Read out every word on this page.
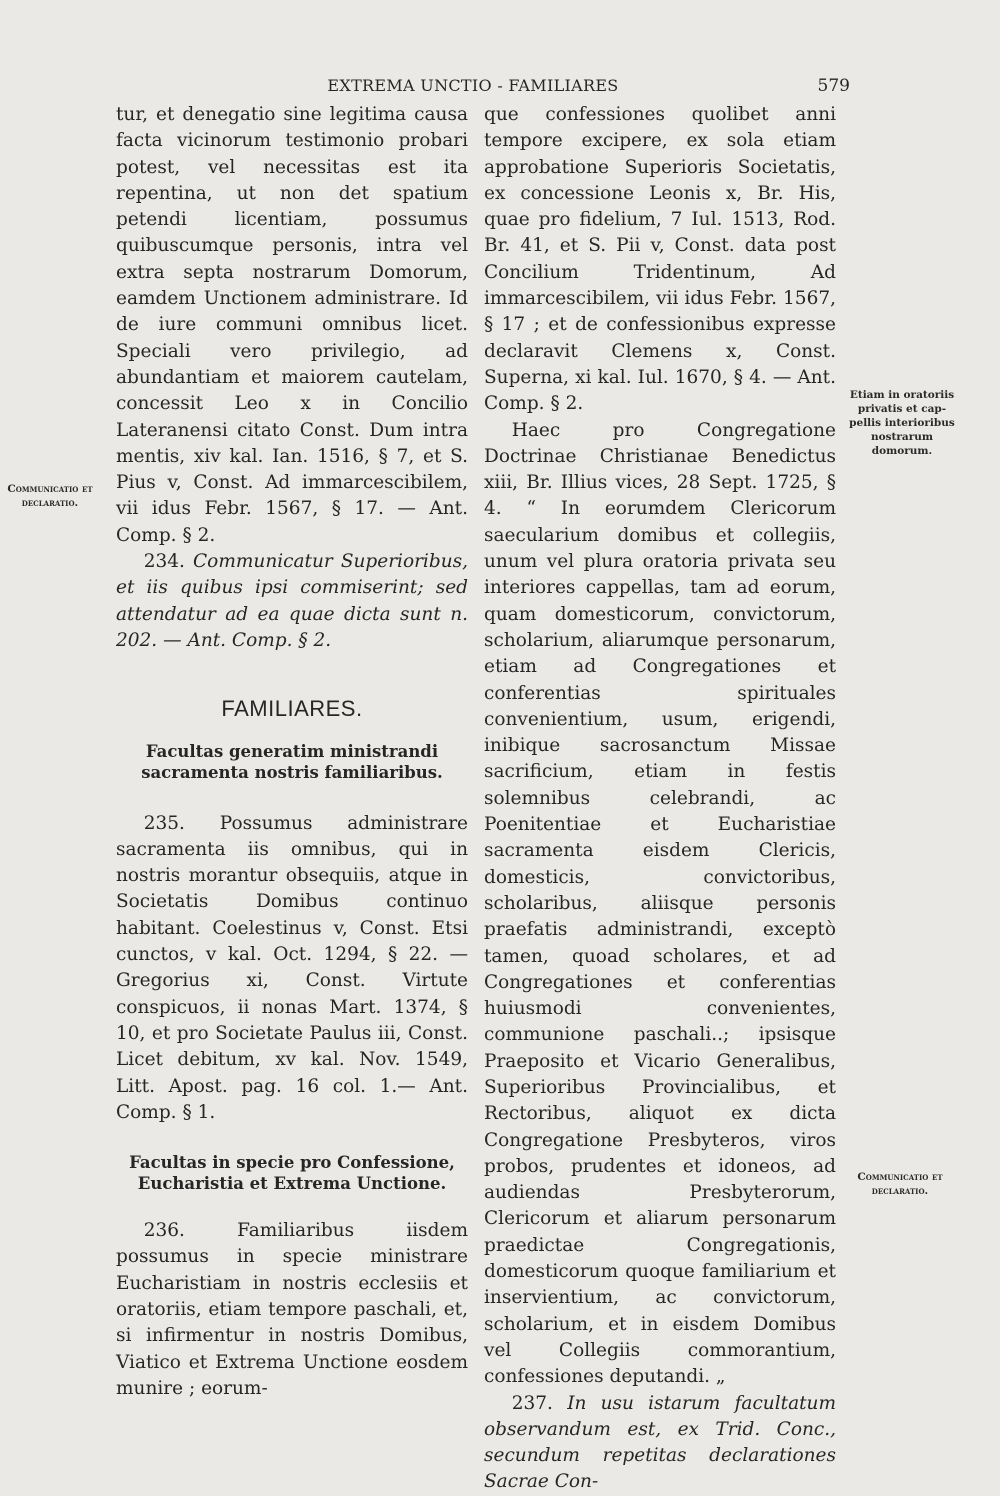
EXTREMA UNCTIO - FAMILIARES	579
Communicatio et declaratio.
Etiam in oratoriis privatis et cap-pellis interioribus nostrarum domorum.
Communicatio et declaratio.

tur, et denegatio sine legitima causa facta vicinorum testimonio probari potest, vel necessitas est ita repentina, ut non det spatium petendi licentiam, possumus quibuscumque personis, intra vel extra septa nostrarum Domorum, eamdem Unctionem administrare. Id de iure communi omnibus licet. Speciali vero privilegio, ad abundantiam et maiorem cautelam, concessit Leo x in Concilio Lateranensi citato Const. Dum intra mentis, xiv kal. Ian. 1516, § 7, et S. Pius v, Const. Ad immarcescibilem, vii idus Febr. 1567, § 17. — Ant. Comp. § 2.

234. Communicatur Superioribus, et iis quibus ipsi commiserint; sed attendatur ad ea quae dicta sunt n. 202. — Ant. Comp. § 2.

FAMILIARES.
Facultas generatim ministrandi sacramenta nostris familiaribus.

235. Possumus administrare sacramenta iis omnibus, qui in nostris morantur obsequiis, atque in Societatis Domibus continuo habitant. Coelestinus v, Const. Etsi cunctos, v kal. Oct. 1294, § 22. — Gregorius xi, Const. Virtute conspicuos, ii nonas Mart. 1374, § 10, et pro Societate Paulus iii, Const. Licet debitum, xv kal. Nov. 1549, Litt. Apost. pag. 16 col. 1.— Ant. Comp. § 1.

Facultas in specie pro Confessione, Eucharistia et Extrema Unctione.

236. Familiaribus iisdem possumus in specie ministrare Eucharistiam in nostris ecclesiis et oratoriis, etiam tempore paschali, et, si infirmentur in nostris Domibus, Viatico et Extrema Unctione eosdem munire ; eorum-

que confessiones quolibet anni tempore excipere, ex sola etiam approbatione Superioris Societatis, ex concessione Leonis x, Br. His, quae pro fidelium, 7 Iul. 1513, Rod. Br. 41, et S. Pii v, Const. data post Concilium Tridentinum, Ad immarcescibilem, vii idus Febr. 1567, § 17 ; et de confessionibus expresse declaravit Clemens x, Const. Superna, xi kal. Iul. 1670, § 4. — Ant. Comp. § 2.

Haec pro Congregatione Doctrinae Christianae Benedictus xiii, Br. Illius vices, 28 Sept. 1725, § 4. “ In eorumdem Clericorum saecularium domibus et collegiis, unum vel plura oratoria privata seu interiores cappellas, tam ad eorum, quam domesticorum, convictorum, scholarium, aliarumque personarum, etiam ad Congregationes et conferentias spirituales convenientium, usum, erigendi, inibique sacrosanctum Missae sacrificium, etiam in festis solemnibus celebrandi, ac Poenitentiae et Eucharistiae sacramenta eisdem Clericis, domesticis, convictoribus, scholaribus, aliisque personis praefatis administrandi, exceptò tamen, quoad scholares, et ad Congregationes et conferentias huiusmodi convenientes, communione paschali..; ipsisque Praeposito et Vicario Generalibus, Superioribus Provincialibus, et Rectoribus, aliquot ex dicta Congregatione Presbyteros, viros probos, prudentes et idoneos, ad audiendas Presbyterorum, Clericorum et aliarum personarum praedictae Congregationis, domesticorum quoque familiarium et inservientium, ac convictorum, scholarium, et in eisdem Domibus vel Collegiis commorantium, confessiones deputandi. „

237. In usu istarum facultatum observandum est, ex Trid. Conc., secundum repetitas declarationes Sacrae Con-
